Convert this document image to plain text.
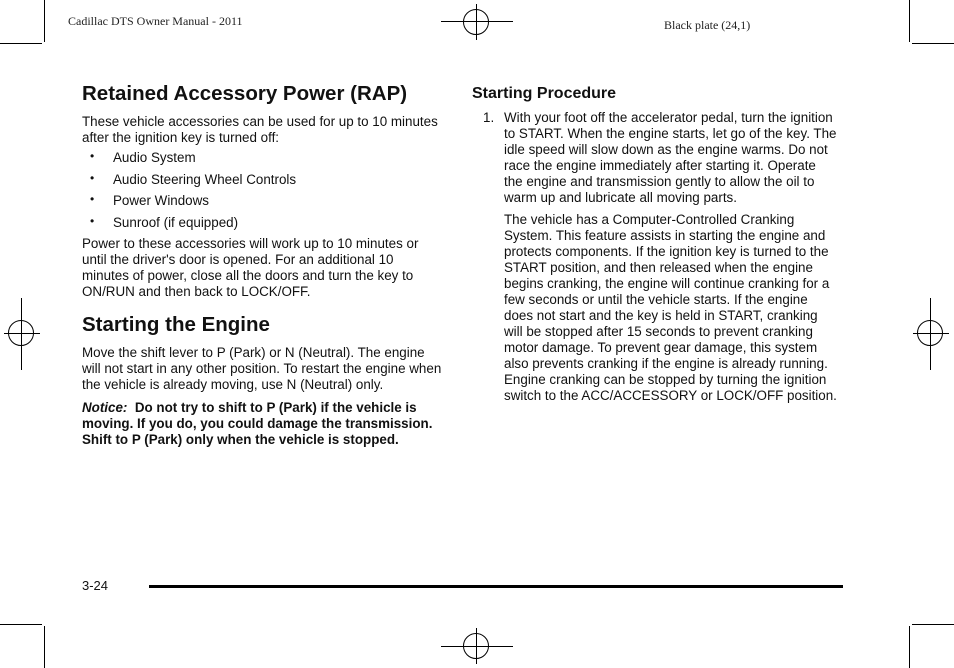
Cadillac DTS Owner Manual - 2011	Black plate (24,1)
Retained Accessory Power (RAP)

These vehicle accessories can be used for up to 10 minutes after the ignition key is turned off:

• Audio System
• Audio Steering Wheel Controls
• Power Windows
• Sunroof (if equipped)

Power to these accessories will work up to 10 minutes or until the driver's door is opened. For an additional 10 minutes of power, close all the doors and turn the key to ON/RUN and then back to LOCK/OFF.

Starting the Engine

Move the shift lever to P (Park) or N (Neutral). The engine will not start in any other position. To restart the engine when the vehicle is already moving, use N (Neutral) only.

Notice: Do not try to shift to P (Park) if the vehicle is moving. If you do, you could damage the transmission. Shift to P (Park) only when the vehicle is stopped.

Starting Procedure
1. With your foot off the accelerator pedal, turn the ignition to START. When the engine starts, let go of the key. The idle speed will slow down as the engine warms. Do not race the engine immediately after starting it. Operate the engine and transmission gently to allow the oil to warm up and lubricate all moving parts.

The vehicle has a Computer-Controlled Cranking System. This feature assists in starting the engine and protects components. If the ignition key is turned to the START position, and then released when the engine begins cranking, the engine will continue cranking for a few seconds or until the vehicle starts. If the engine does not start and the key is held in START, cranking will be stopped after 15 seconds to prevent cranking motor damage. To prevent gear damage, this system also prevents cranking if the engine is already running. Engine cranking can be stopped by turning the ignition switch to the ACC/ACCESSORY or LOCK/OFF position.

3-24
